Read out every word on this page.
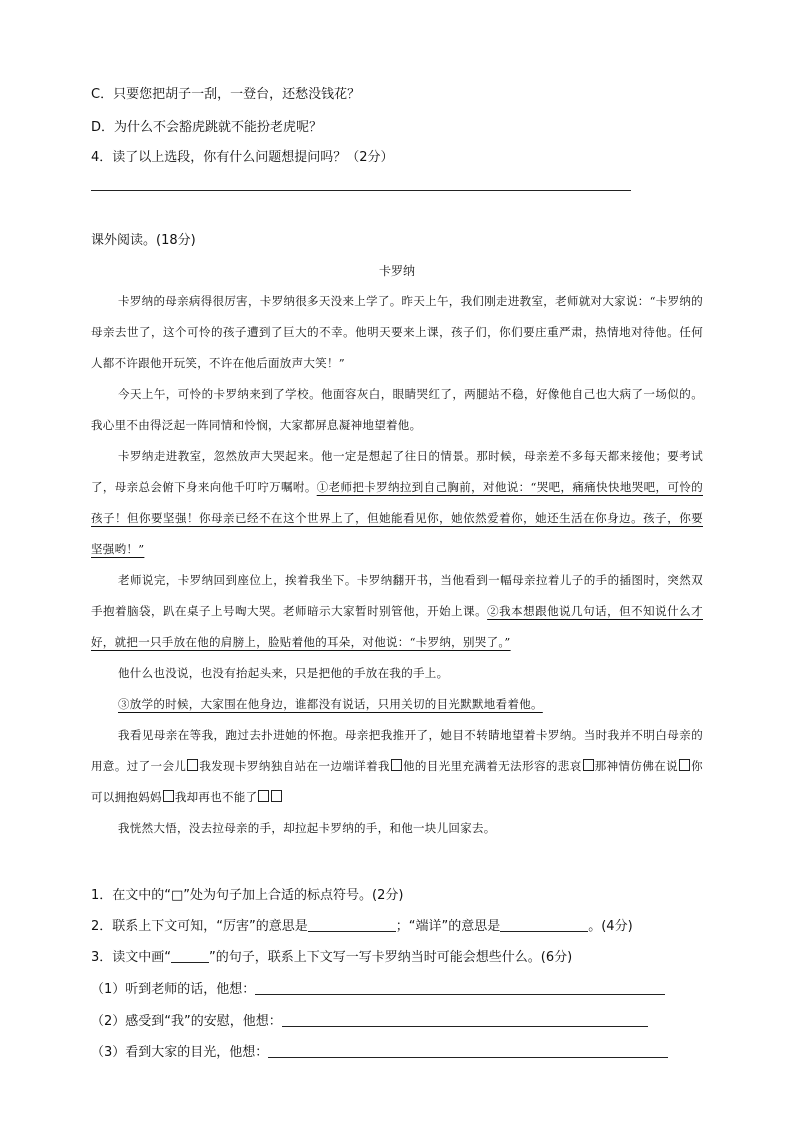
C．只要您把胡子一刮，一登台，还愁没钱花？
D．为什么不会豁虎跳就不能扮老虎呢？
4．读了以上选段，你有什么问题想提问吗？（2分）
课外阅读。(18分)
卡罗纳

卡罗纳的母亲病得很厉害，卡罗纳很多天没来上学了。昨天上午，我们刚走进教室，老师就对大家说：“卡罗纳的母亲去世了，这个可怜的孩子遭到了巨大的不幸。他明天要来上课，孩子们，你们要庄重严肃，热情地对待他。任何人都不许跟他开玩笑，不许在他后面放声大笑！”

今天上午，可怜的卡罗纳来到了学校。他面容灰白，眼睛哭红了，两腿站不稳，好像他自己也大病了一场似的。我心里不由得泛起一阵同情和怜悯，大家都屏息凝神地望着他。

卡罗纳走进教室，忽然放声大哭起来。他一定是想起了往日的情景。那时候，母亲差不多每天都来接他；要考试了，母亲总会俯下身来向他千叮咛万嘱咐。①老师把卡罗纳拉到自己胸前，对他说：“哭吧，痛痛快快地哭吧，可怜的孩子！但你要坚强！你母亲已经不在这个世界上了，但她能看见你，她依然爱着你，她还生活在你身边。孩子，你要坚强哟！”

老师说完，卡罗纳回到座位上，挨着我坐下。卡罗纳翻开书，当他看到一幅母亲拉着儿子的手的插图时，突然双手抱着脑袋，趴在桌子上号啕大哭。老师暗示大家暂时别管他，开始上课。②我本想跟他说几句话，但不知说什么才好，就把一只手放在他的肩膀上，脸贴着他的耳朵，对他说：“卡罗纳，别哭了。”

他什么也没说，也没有抬起头来，只是把他的手放在我的手上。

③放学的时候，大家围在他身边，谁都没有说话，只用关切的目光默默地看着他。

我看见母亲在等我，跑过去扑进她的怀抱。母亲把我推开了，她目不转睛地望着卡罗纳。当时我并不明白母亲的用意。过了一会儿 我发现卡罗纳独自站在一边端详着我 他的目光里充满着无法形容的悲哀 那神情仿佛在说 你可以拥抱妈妈 我却再也不能了

我恍然大悟，没去拉母亲的手，却拉起卡罗纳的手，和他一块儿回家去。

1．在文中的“□”处为句子加上合适的标点符号。(2分)
2．联系上下文可知，“厉害”的意思是	；“端详”的意思是	。(4分)
3．读文中画“	”的句子，联系上下文写一写卡罗纳当时可能会想些什么。(6分)
（1）听到老师的话，他想：
（2）感受到“我”的安慰，他想：
（3）看到大家的目光，他想：
